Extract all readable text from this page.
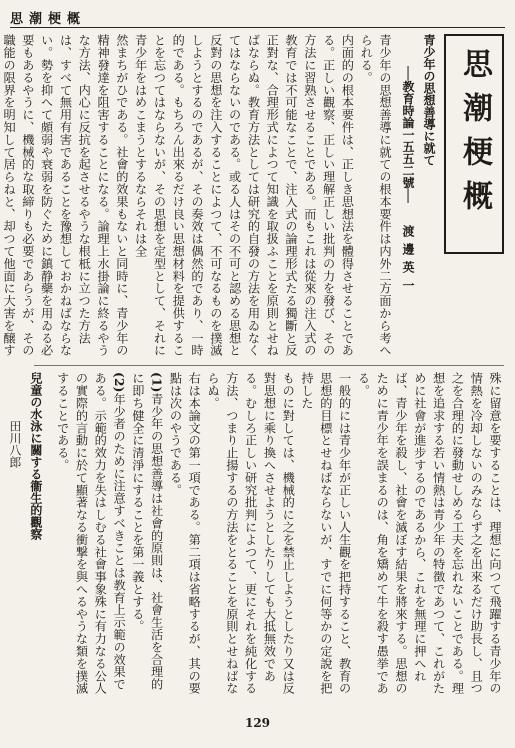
思潮梗概
思潮梗概
青少年の思想善導に就て
──教育時論一五五二號── 渡邊英一
青少年の思想善導に就ての根本要件は内外二方面から考へられる。
内面的の根本要件は、正しき思想法を體得させることである。正しい觀察、正しい理解正しい批判の力を發び、その方法に習熟させることである。而もこれは從來の注入式の教育では不可能なことで、注入式の論理形式たる獨斷と反正對な、合理形式によつて知識を取扱ふことを原則とせねばならぬ。教育方法としては研究的自發の方法を用ゐなくてはならないのである。或る人はその不可と認める思想と反對の思想を注入することによつて、不可なるものを撲滅しようとするのであるが、その奏效は偶然的であり、一時的である。もちろん出來るだけ良い思想材料を提供することを忘つてはならないが、その思想を定型として、それに青少年をはめこまうとするならそれは全
然まちがひである。社會的效果もないと同時に、青少年の精神發達を阻害することになる。論理上水掛論に終るやうな方法、内心に反抗を起させるやうな根柢に立つた方法は、すべて無用有害であることを豫想しておかねばならない。勢を抑へて頗弱や衰弱を防ぐために鎮静藥を用ゐる必要もあるやうに、機械的な取締りも必要であらうが、その職能の限界を明知して居らねと、却つて他面に大害を醸す
殊に留意を要することは、理想に向つて飛躍する青少年の情熱を冷却しないのみならず之を出來るだけ助長し、且つ之を合理的に發動せしめる工夫を忘れないことである。理想を追求する若い情熱は青少年の特徴であつて、これがために社會が進步するのであるから、これを無理に押へれば、青少年を殺し、社會を滅ぼす結果を將來する。思想のために青少年を誤まるのは、角を矯めて牛を殺す愚挙である。
一般的には青少年が正しい人生觀を把持すること、教育の思想的目標とせねばならないが、すでに何等かの定說を把持した
ものに對しては、機械的に之を禁止しようとしたり又は反對思想に乘り換へさせようとしたりしても大抵無效である。むしろ正しい研究批判によつて、更にそれを純化する方法、つまり止揚するの方法をとることを原則とせねばならぬ。
右は本論文の第一項である。第二項は省略するが、其の要點は次のやうである。
(1)青少年の思想善導は社會的原則は、社會生活を合理的に即ち健全に清淨にすることを第一義とする。
(2)年少者のために注意すべきことは教育上示範の效果である。示範的效力を失はしむる社會事象殊に有力なる公人の實際的言動に於て顯著なる衝撃を與へるやうな類を撲滅することである。
兒童の水泳に關する衞生的觀察
田川八郎
129
